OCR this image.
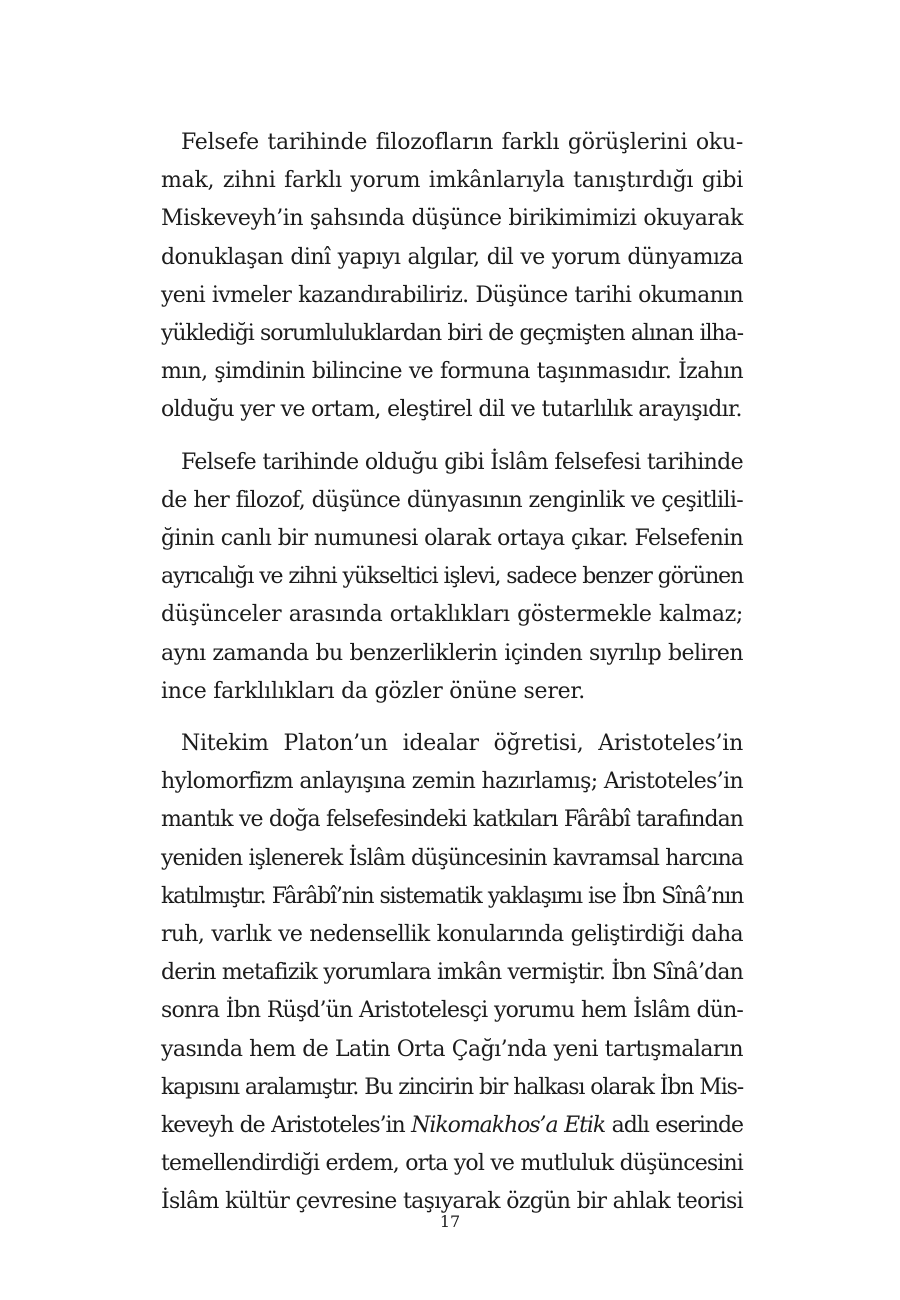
Felsefe tarihinde filozofların farklı görüşlerini oku-
mak, zihni farklı yorum imkânlarıyla tanıştırdığı gibi
Miskeveyh’in şahsında düşünce birikimimizi okuyarak
donuklaşan dinî yapıyı algılar, dil ve yorum dünyamıza
yeni ivmeler kazandırabiliriz. Düşünce tarihi okumanın
yüklediği sorumluluklardan biri de geçmişten alınan ilha-
mın, şimdinin bilincine ve formuna taşınmasıdır. İzahın
olduğu yer ve ortam, eleştirel dil ve tutarlılık arayışıdır.
Felsefe tarihinde olduğu gibi İslâm felsefesi tarihinde
de her filozof, düşünce dünyasının zenginlik ve çeşitlili-
ğinin canlı bir numunesi olarak ortaya çıkar. Felsefenin
ayrıcalığı ve zihni yükseltici işlevi, sadece benzer görünen
düşünceler arasında ortaklıkları göstermekle kalmaz;
aynı zamanda bu benzerliklerin içinden sıyrılıp beliren
ince farklılıkları da gözler önüne serer.
Nitekim Platon’un idealar öğretisi, Aristoteles’in
hylomorfizm anlayışına zemin hazırlamış; Aristoteles’in
mantık ve doğa felsefesindeki katkıları Fârâbî tarafından
yeniden işlenerek İslâm düşüncesinin kavramsal harcına
katılmıştır. Fârâbî’nin sistematik yaklaşımı ise İbn Sînâ’nın
ruh, varlık ve nedensellik konularında geliştirdiği daha
derin metafizik yorumlara imkân vermiştir. İbn Sînâ’dan
sonra İbn Rüşd’ün Aristotelesçi yorumu hem İslâm dün-
yasında hem de Latin Orta Çağı’nda yeni tartışmaların
kapısını aralamıştır. Bu zincirin bir halkası olarak İbn Mis-
keveyh de Aristoteles’in Nikomakhos’a Etik adlı eserinde
temellendirdiği erdem, orta yol ve mutluluk düşüncesini
İslâm kültür çevresine taşıyarak özgün bir ahlak teorisi
17
